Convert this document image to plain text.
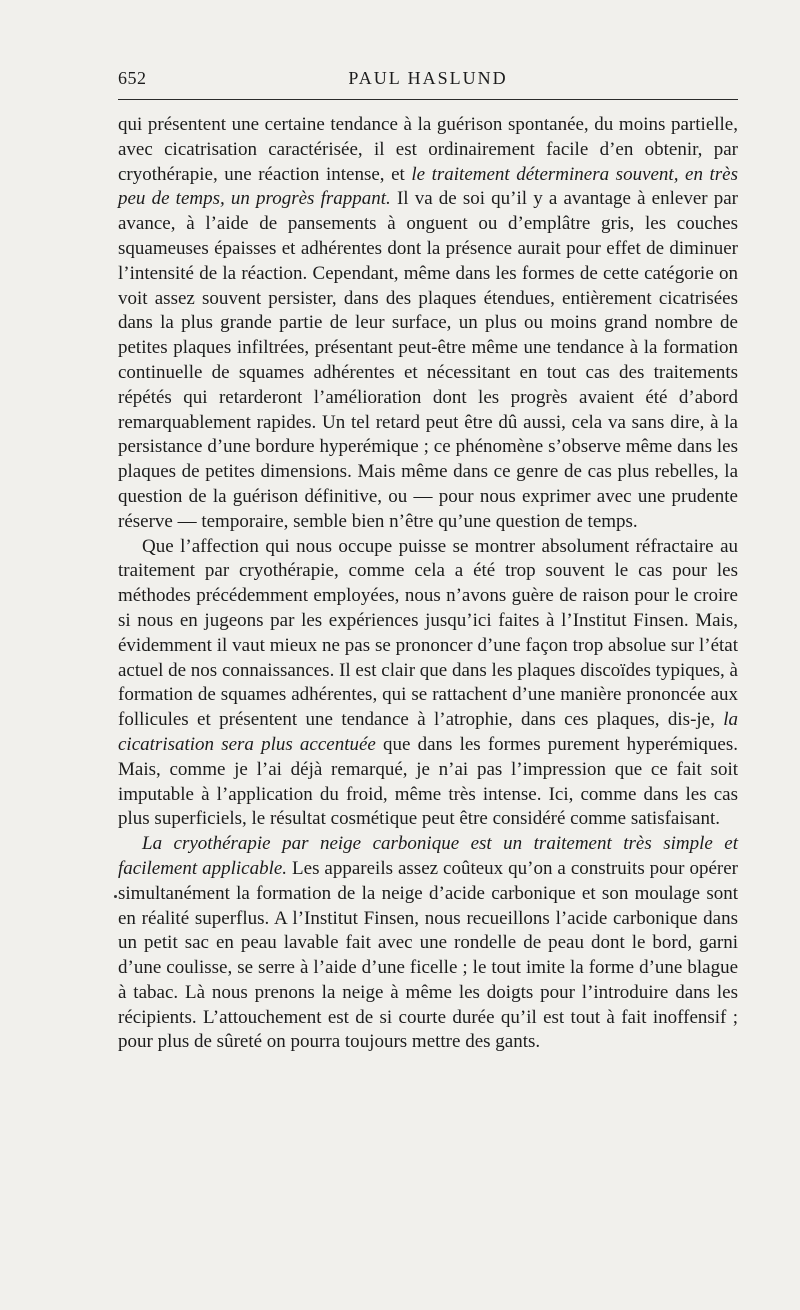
652	PAUL HASLUND

qui présentent une certaine tendance à la guérison spontanée, du moins partielle, avec cicatrisation caractérisée, il est ordinairement facile d’en obtenir, par cryothérapie, une réaction intense, et le traitement déterminera souvent, en très peu de temps, un progrès frappant. Il va de soi qu’il y a avantage à enlever par avance, à l’aide de pansements à onguent ou d’emplâtre gris, les couches squameuses épaisses et adhérentes dont la présence aurait pour effet de diminuer l’intensité de la réaction. Cependant, même dans les formes de cette catégorie on voit assez souvent persister, dans des plaques étendues, entièrement cicatrisées dans la plus grande partie de leur surface, un plus ou moins grand nombre de petites plaques infiltrées, présentant peut-être même une tendance à la formation continuelle de squames adhérentes et nécessitant en tout cas des traitements répétés qui retarderont l’amélioration dont les progrès avaient été d’abord remarquablement rapides. Un tel retard peut être dû aussi, cela va sans dire, à la persistance d’une bordure hyperémique ; ce phénomène s’observe même dans les plaques de petites dimensions. Mais même dans ce genre de cas plus rebelles, la question de la guérison définitive, ou — pour nous exprimer avec une prudente réserve — temporaire, semble bien n’être qu’une question de temps.

Que l’affection qui nous occupe puisse se montrer absolument réfractaire au traitement par cryothérapie, comme cela a été trop souvent le cas pour les méthodes précédemment employées, nous n’avons guère de raison pour le croire si nous en jugeons par les expériences jusqu’ici faites à l’Institut Finsen. Mais, évidemment il vaut mieux ne pas se prononcer d’une façon trop absolue sur l’état actuel de nos connaissances. Il est clair que dans les plaques discoïdes typiques, à formation de squames adhérentes, qui se rattachent d’une manière prononcée aux follicules et présentent une tendance à l’atrophie, dans ces plaques, dis-je, la cicatrisation sera plus accentuée que dans les formes purement hyperémiques. Mais, comme je l’ai déjà remarqué, je n’ai pas l’impression que ce fait soit imputable à l’application du froid, même très intense. Ici, comme dans les cas plus superficiels, le résultat cosmétique peut être considéré comme satisfaisant.

La cryothérapie par neige carbonique est un traitement très simple et facilement applicable. Les appareils assez coûteux qu’on a construits pour opérer simultanément la formation de la neige d’acide carbonique et son moulage sont en réalité superflus. A l’Institut Finsen, nous recueillons l’acide carbonique dans un petit sac en peau lavable fait avec une rondelle de peau dont le bord, garni d’une coulisse, se serre à l’aide d’une ficelle ; le tout imite la forme d’une blague à tabac. Là nous prenons la neige à même les doigts pour l’introduire dans les récipients. L’attouchement est de si courte durée qu’il est tout à fait inoffensif ; pour plus de sûreté on pourra toujours mettre des gants.
